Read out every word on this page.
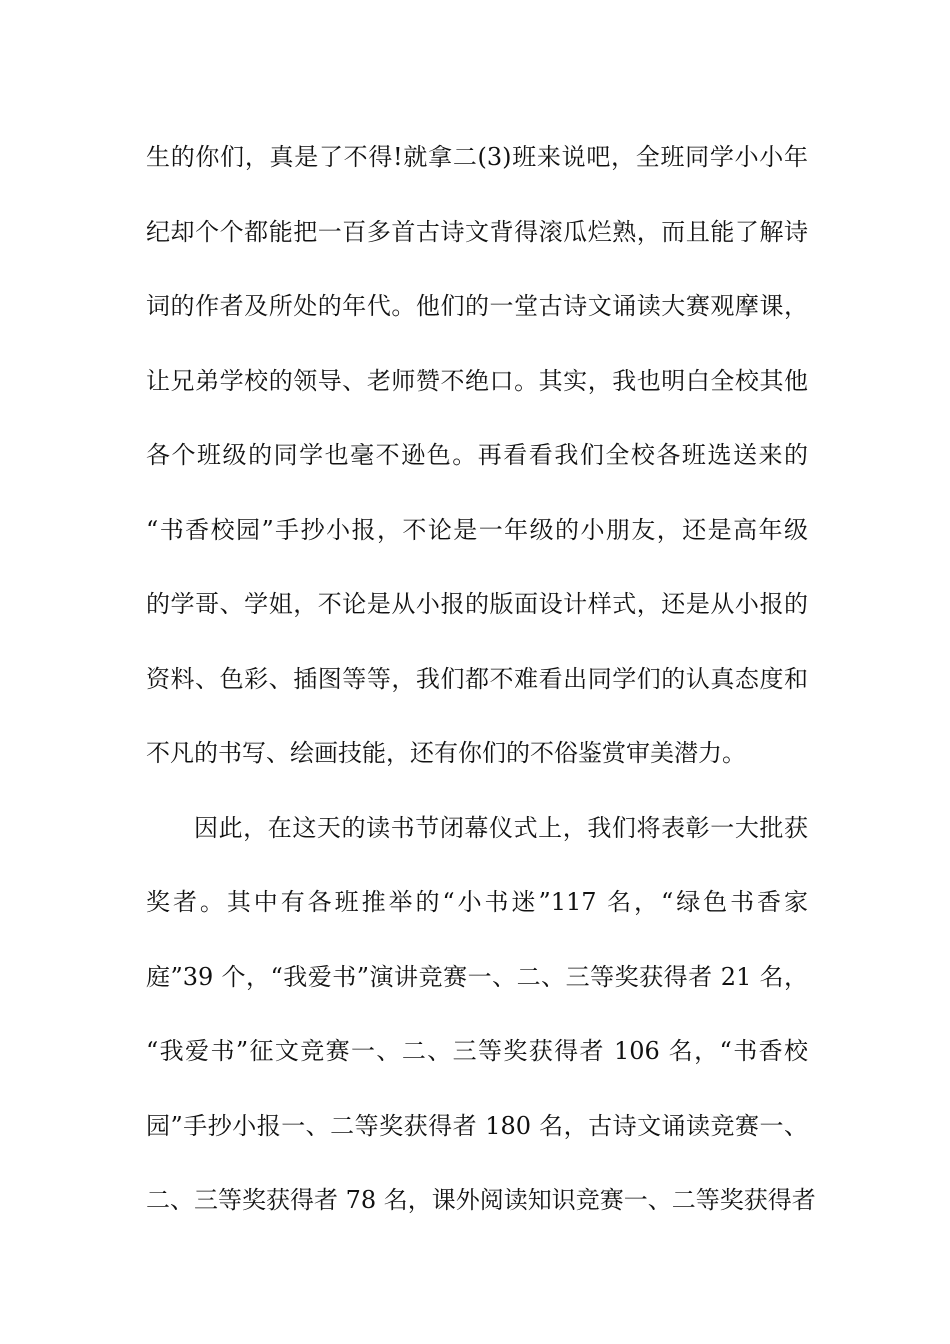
生的你们，真是了不得!就拿二(3)班来说吧，全班同学小小年
纪却个个都能把一百多首古诗文背得滚瓜烂熟，而且能了解诗
词的作者及所处的年代。他们的一堂古诗文诵读大赛观摩课，
让兄弟学校的领导、老师赞不绝口。其实，我也明白全校其他
各个班级的同学也毫不逊色。再看看我们全校各班选送来的
“书香校园”手抄小报，不论是一年级的小朋友，还是高年级
的学哥、学姐，不论是从小报的版面设计样式，还是从小报的
资料、色彩、插图等等，我们都不难看出同学们的认真态度和
不凡的书写、绘画技能，还有你们的不俗鉴赏审美潜力。
因此，在这天的读书节闭幕仪式上，我们将表彰一大批获
奖者。其中有各班推举的“小书迷”117 名，“绿色书香家
庭”39 个，“我爱书”演讲竞赛一、二、三等奖获得者 21 名，
“我爱书”征文竞赛一、二、三等奖获得者 106 名，“书香校
园”手抄小报一、二等奖获得者 180 名，古诗文诵读竞赛一、
二、三等奖获得者 78 名，课外阅读知识竞赛一、二等奖获得者
